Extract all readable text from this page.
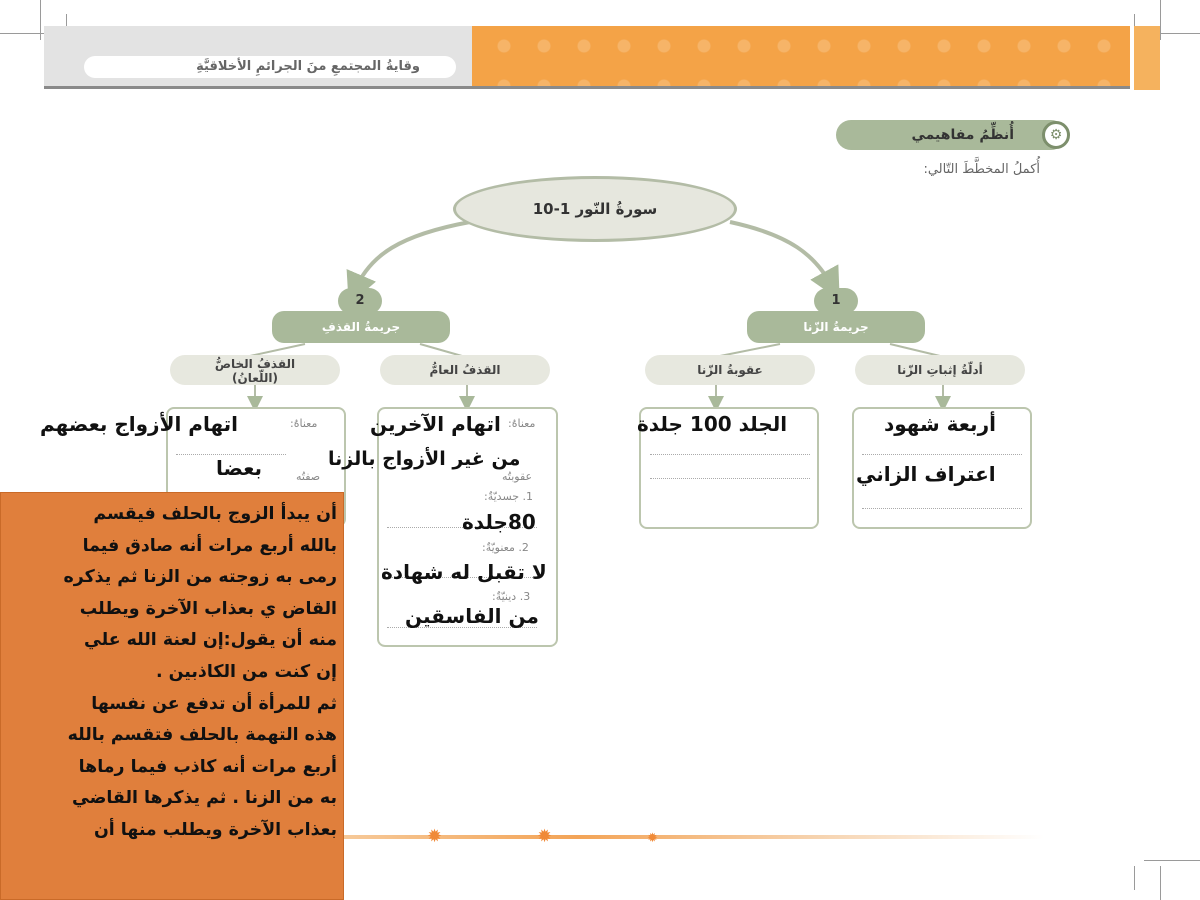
وقايةُ المجتمعِ منَ الجرائمِ الأخلاقيَّةِ
أُنظِّمُ مفاهيمي	⚙
أُكملُ المخطَّطَ التّالي:
سورةُ النّور 1-10
2	1
جريمةُ القذفِ	جريمةُ الزّنا
القذفُ الخاصُّ (اللّعانُ)
القذفُ العامُّ	عقوبةُ الزّنا	أدلّةُ إثباتِ الزّنا
معناهُ:
صفتُه
معناهُ:
عقوبتُه
1. جسديّةٌ:
2. معنويّةٌ:
3. دينيّةٌ:
اتهام الأزواج بعضهم
بعضا
اتهام الآخرين
من غير الأزواج بالزنا
80جلدة
لا تقبل له شهادة
من الفاسقين
الجلد 100 جلدة	أربعة شهود
اعتراف الزاني
✹	✹	✹
أن يبدأ الزوج بالحلف فيقسم
بالله أربع مرات أنه صادق فيما
رمى به زوجته من الزنا ثم يذكره
القاض ي بعذاب الآخرة ويطلب
منه أن يقول:إن لعنة الله علي
إن كنت من الكاذبين .
ثم للمرأة أن تدفع عن نفسها
هذه التهمة بالحلف فتقسم بالله
أربع مرات أنه كاذب فيما رماها
به من الزنا . ثم يذكرها القاضي
بعذاب الآخرة ويطلب منها أن
